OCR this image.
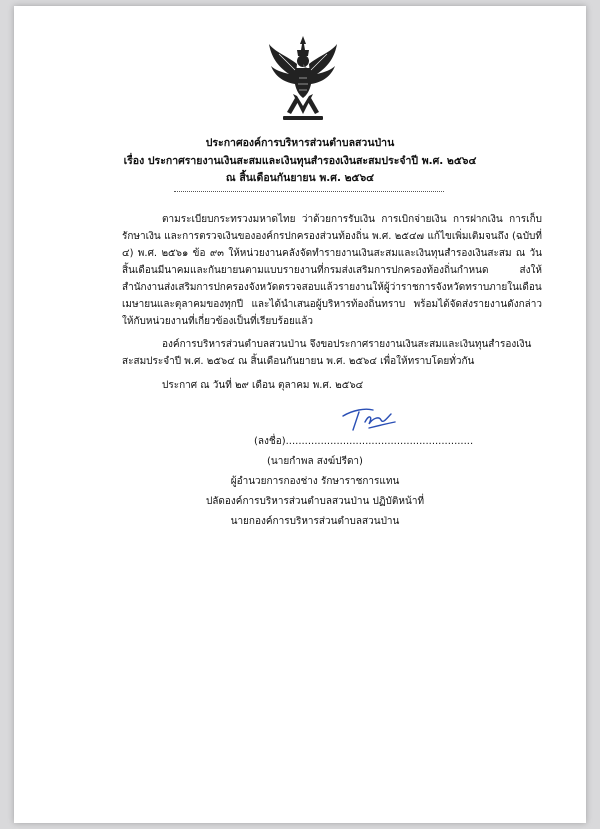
ประกาศองค์การบริหารส่วนตำบลสวนป่าน
เรื่อง ประกาศรายงานเงินสะสมและเงินทุนสำรองเงินสะสมประจำปี พ.ศ. ๒๕๖๔
ณ สิ้นเดือนกันยายน พ.ศ. ๒๕๖๔
ตามระเบียบกระทรวงมหาดไทย ว่าด้วยการรับเงิน การเบิกจ่ายเงิน การฝากเงิน การเก็บรักษาเงิน และการตรวจเงินขององค์กรปกครองส่วนท้องถิ่น พ.ศ. ๒๕๔๗ แก้ไขเพิ่มเติมจนถึง (ฉบับที่ ๔) พ.ศ. ๒๕๖๑ ข้อ ๙๓ ให้หน่วยงานคลังจัดทำรายงานเงินสะสมและเงินทุนสำรองเงินสะสม ณ วันสิ้นเดือนมีนาคมและกันยายนตามแบบรายงานที่กรมส่งเสริมการปกครองท้องถิ่นกำหนด ส่งให้สำนักงานส่งเสริมการปกครองจังหวัดตรวจสอบแล้วรายงานให้ผู้ว่าราชการจังหวัดทราบภายในเดือนเมษายนและตุลาคมของทุกปี และได้นำเสนอผู้บริหารท้องถิ่นทราบ พร้อมได้จัดส่งรายงานดังกล่าวให้กับหน่วยงานที่เกี่ยวข้องเป็นที่เรียบร้อยแล้ว
องค์การบริหารส่วนตำบลสวนป่าน จึงขอประกาศรายงานเงินสะสมและเงินทุนสำรองเงินสะสมประจำปี พ.ศ. ๒๕๖๔ ณ สิ้นเดือนกันยายน พ.ศ. ๒๕๖๔ เพื่อให้ทราบโดยทั่วกัน
ประกาศ ณ วันที่ ๒๙ เดือน ตุลาคม พ.ศ. ๒๕๖๔
(ลงชื่อ)...........................................................
(นายกำพล สงฆ์ปรีดา)
ผู้อำนวยการกองช่าง รักษาราชการแทน
ปลัดองค์การบริหารส่วนตำบลสวนป่าน ปฏิบัติหน้าที่
นายกองค์การบริหารส่วนตำบลสวนป่าน
